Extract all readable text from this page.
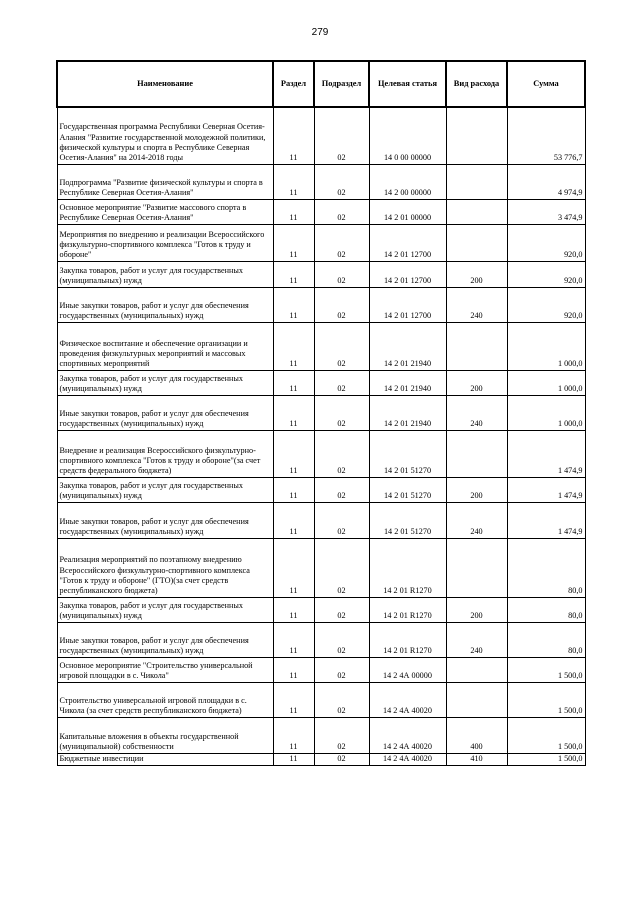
279
Наименование	Раздел	Подраздел	Целевая статья	Вид расхода	Сумма
Государственная программа Республики Северная Осетия-Алания "Развитие государственной молодежной политики, физической культуры и спорта в Республике Северная Осетия-Алания" на 2014-2018 годы	11	02	14 0 00 00000		53 776,7
Подпрограмма "Развитие физической культуры и спорта в Республике Северная Осетия-Алания"	11	02	14 2 00 00000		4 974,9
Основное мероприятие "Развитие массового спорта в Республике Северная Осетия-Алания"	11	02	14 2 01 00000		3 474,9
Мероприятия по внедрению и реализации Всероссийского физкультурно-спортивного комплекса "Готов к труду и обороне"	11	02	14 2 01 12700		920,0
Закупка товаров, работ и услуг для государственных (муниципальных) нужд	11	02	14 2 01 12700	200	920,0
Иные закупки товаров, работ и услуг для обеспечения государственных (муниципальных) нужд	11	02	14 2 01 12700	240	920,0
Физическое воспитание и обеспечение организации и проведения физкультурных мероприятий и массовых спортивных мероприятий	11	02	14 2 01 21940		1 000,0
Закупка товаров, работ и услуг для государственных (муниципальных) нужд	11	02	14 2 01 21940	200	1 000,0
Иные закупки товаров, работ и услуг для обеспечения государственных (муниципальных) нужд	11	02	14 2 01 21940	240	1 000,0
Внедрение и реализация Всероссийского физкультурно-спортивного комплекса "Готов к труду и обороне"(за счет средств федерального бюджета)	11	02	14 2 01 51270		1 474,9
Закупка товаров, работ и услуг для государственных (муниципальных) нужд	11	02	14 2 01 51270	200	1 474,9
Иные закупки товаров, работ и услуг для обеспечения государственных (муниципальных) нужд	11	02	14 2 01 51270	240	1 474,9
Реализация мероприятий по поэтапному внедрению Всероссийского физкультурно-спортивного комплекса "Готов к труду и обороне" (ГТО)(за счет средств республиканского бюджета)	11	02	14 2 01 R1270		80,0
Закупка товаров, работ и услуг для государственных (муниципальных) нужд	11	02	14 2 01 R1270	200	80,0
Иные закупки товаров, работ и услуг для обеспечения государственных (муниципальных) нужд	11	02	14 2 01 R1270	240	80,0
Основное мероприятие "Строительство универсальной игровой площадки в с. Чикола"	11	02	14 2 4А 00000		1 500,0
Строительство универсальной игровой площадки в с. Чикола (за счет средств республиканского бюджета)	11	02	14 2 4А 40020		1 500,0
Капитальные вложения в объекты государственной (муниципальной) собственности	11	02	14 2 4А 40020	400	1 500,0
Бюджетные инвестиции	11	02	14 2 4А 40020	410	1 500,0
